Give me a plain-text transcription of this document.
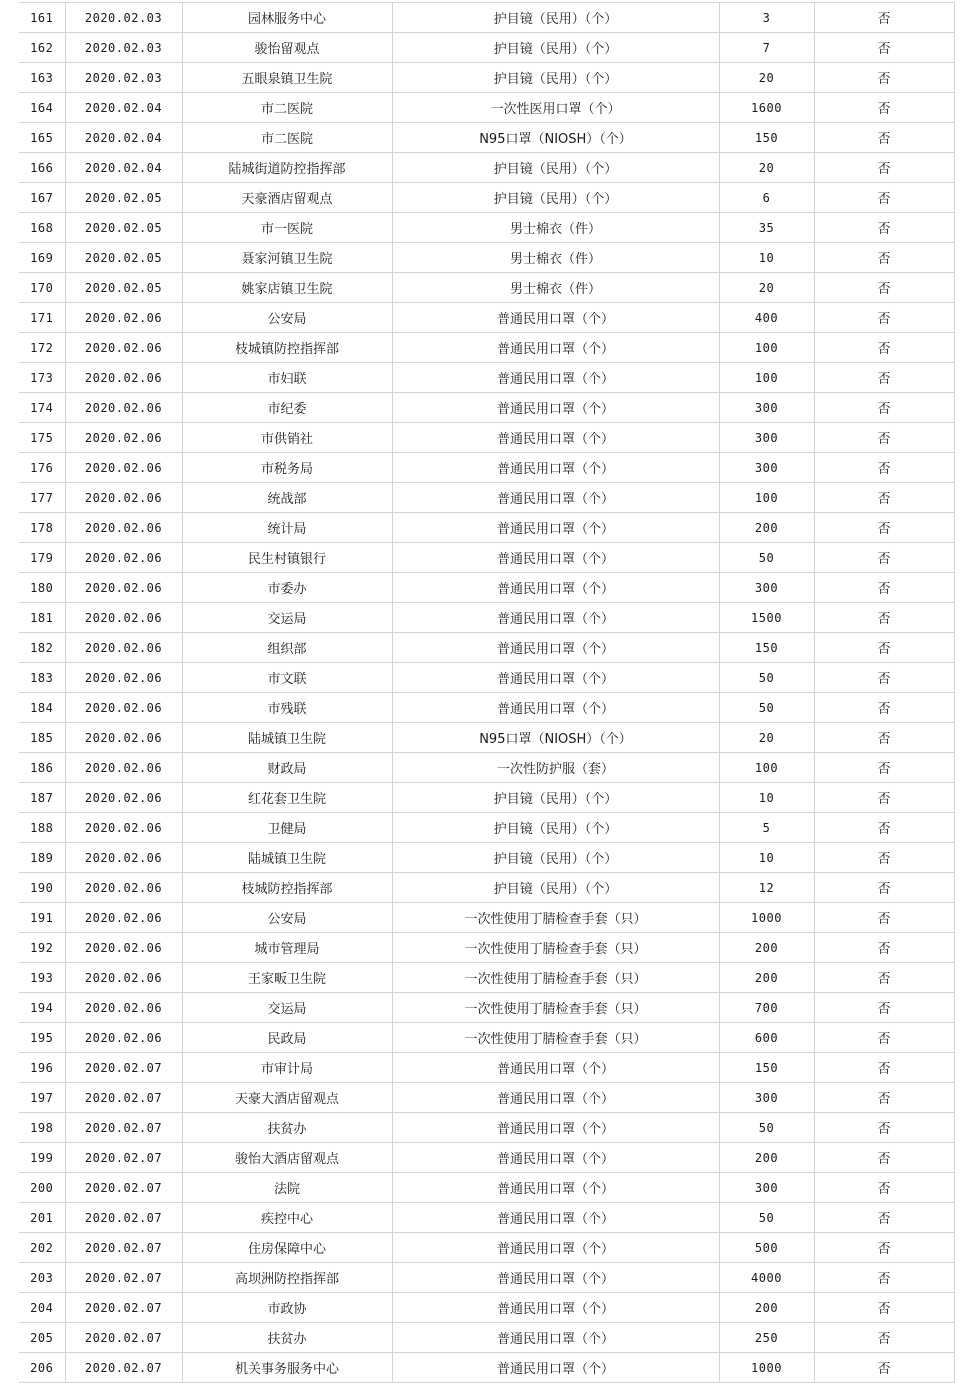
161	2020.02.03	园林服务中心	护目镜（民用）（个）	3	否
162	2020.02.03	骏怡留观点	护目镜（民用）（个）	7	否
163	2020.02.03	五眼泉镇卫生院	护目镜（民用）（个）	20	否
164	2020.02.04	市二医院	一次性医用口罩（个）	1600	否
165	2020.02.04	市二医院	N95口罩（NIOSH）（个）	150	否
166	2020.02.04	陆城街道防控指挥部	护目镜（民用）（个）	20	否
167	2020.02.05	天豪酒店留观点	护目镜（民用）（个）	6	否
168	2020.02.05	市一医院	男士棉衣（件）	35	否
169	2020.02.05	聂家河镇卫生院	男士棉衣（件）	10	否
170	2020.02.05	姚家店镇卫生院	男士棉衣（件）	20	否
171	2020.02.06	公安局	普通民用口罩（个）	400	否
172	2020.02.06	枝城镇防控指挥部	普通民用口罩（个）	100	否
173	2020.02.06	市妇联	普通民用口罩（个）	100	否
174	2020.02.06	市纪委	普通民用口罩（个）	300	否
175	2020.02.06	市供销社	普通民用口罩（个）	300	否
176	2020.02.06	市税务局	普通民用口罩（个）	300	否
177	2020.02.06	统战部	普通民用口罩（个）	100	否
178	2020.02.06	统计局	普通民用口罩（个）	200	否
179	2020.02.06	民生村镇银行	普通民用口罩（个）	50	否
180	2020.02.06	市委办	普通民用口罩（个）	300	否
181	2020.02.06	交运局	普通民用口罩（个）	1500	否
182	2020.02.06	组织部	普通民用口罩（个）	150	否
183	2020.02.06	市文联	普通民用口罩（个）	50	否
184	2020.02.06	市残联	普通民用口罩（个）	50	否
185	2020.02.06	陆城镇卫生院	N95口罩（NIOSH）（个）	20	否
186	2020.02.06	财政局	一次性防护服（套）	100	否
187	2020.02.06	红花套卫生院	护目镜（民用）（个）	10	否
188	2020.02.06	卫健局	护目镜（民用）（个）	5	否
189	2020.02.06	陆城镇卫生院	护目镜（民用）（个）	10	否
190	2020.02.06	枝城防控指挥部	护目镜（民用）（个）	12	否
191	2020.02.06	公安局	一次性使用丁腈检查手套（只）	1000	否
192	2020.02.06	城市管理局	一次性使用丁腈检查手套（只）	200	否
193	2020.02.06	王家畈卫生院	一次性使用丁腈检查手套（只）	200	否
194	2020.02.06	交运局	一次性使用丁腈检查手套（只）	700	否
195	2020.02.06	民政局	一次性使用丁腈检查手套（只）	600	否
196	2020.02.07	市审计局	普通民用口罩（个）	150	否
197	2020.02.07	天豪大酒店留观点	普通民用口罩（个）	300	否
198	2020.02.07	扶贫办	普通民用口罩（个）	50	否
199	2020.02.07	骏怡大酒店留观点	普通民用口罩（个）	200	否
200	2020.02.07	法院	普通民用口罩（个）	300	否
201	2020.02.07	疾控中心	普通民用口罩（个）	50	否
202	2020.02.07	住房保障中心	普通民用口罩（个）	500	否
203	2020.02.07	高坝洲防控指挥部	普通民用口罩（个）	4000	否
204	2020.02.07	市政协	普通民用口罩（个）	200	否
205	2020.02.07	扶贫办	普通民用口罩（个）	250	否
206	2020.02.07	机关事务服务中心	普通民用口罩（个）	1000	否
